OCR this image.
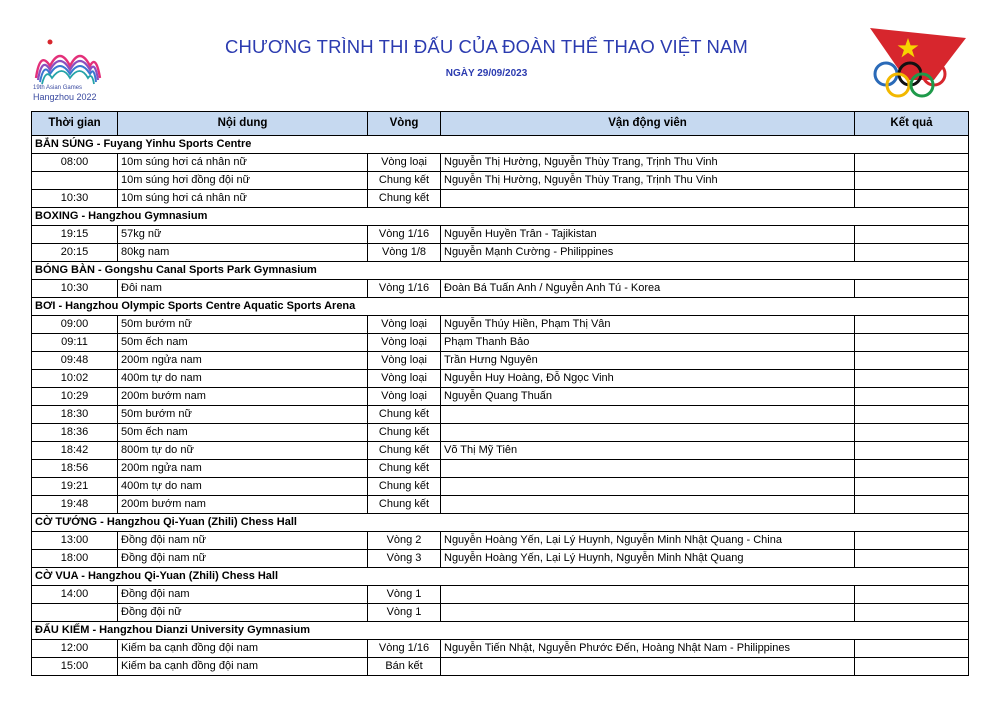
19th Asian Games
Hangzhou 2022
CHƯƠNG TRÌNH THI ĐẤU CỦA ĐOÀN THỂ THAO VIỆT NAM
NGÀY 29/09/2023
Thời gian	Nội dung	Vòng	Vận động viên	Kết quả
BẮN SÚNG - Fuyang Yinhu Sports Centre				
08:00	10m súng hơi cá nhân nữ	Vòng loại	Nguyễn Thị Hường, Nguyễn Thùy Trang, Trịnh Thu Vinh	
	10m súng hơi đồng đội nữ	Chung kết	Nguyễn Thị Hường, Nguyễn Thùy Trang, Trịnh Thu Vinh	
10:30	10m súng hơi cá nhân nữ	Chung kết		
BOXING - Hangzhou Gymnasium				
19:15	57kg nữ	Vòng 1/16	Nguyễn Huyền Trân - Tajikistan	
20:15	80kg nam	Vòng 1/8	Nguyễn Mạnh Cường - Philippines	
BÓNG BÀN - Gongshu Canal Sports Park Gymnasium				
10:30	Đôi nam	Vòng 1/16	Đoàn Bá Tuấn Anh / Nguyễn Anh Tú - Korea	
BƠI - Hangzhou Olympic Sports Centre Aquatic Sports Arena				
09:00	50m bướm nữ	Vòng loại	Nguyễn Thúy Hiền, Phạm Thị Vân	
09:11	50m ếch nam	Vòng loại	Phạm Thanh Bảo	
09:48	200m ngửa nam	Vòng loại	Trần Hưng Nguyên	
10:02	400m tự do nam	Vòng loại	Nguyễn Huy Hoàng, Đỗ Ngọc Vinh	
10:29	200m bướm nam	Vòng loại	Nguyễn Quang Thuấn	
18:30	50m bướm nữ	Chung kết		
18:36	50m ếch nam	Chung kết		
18:42	800m tự do nữ	Chung kết	Võ Thị Mỹ Tiên	
18:56	200m ngửa nam	Chung kết		
19:21	400m tự do nam	Chung kết		
19:48	200m bướm nam	Chung kết		
CỜ TƯỚNG - Hangzhou Qi-Yuan (Zhili) Chess Hall				
13:00	Đồng đội nam nữ	Vòng 2	Nguyễn Hoàng Yến, Lại Lý Huynh, Nguyễn Minh Nhật Quang - China	
18:00	Đồng đội nam nữ	Vòng 3	Nguyễn Hoàng Yến, Lại Lý Huynh, Nguyễn Minh Nhật Quang	
CỜ VUA - Hangzhou Qi-Yuan (Zhili) Chess Hall				
14:00	Đồng đội nam	Vòng 1		
	Đồng đội nữ	Vòng 1		
ĐẤU KIẾM - Hangzhou Dianzi University Gymnasium				
12:00	Kiếm ba cạnh đồng đội nam	Vòng 1/16	Nguyễn Tiến Nhật, Nguyễn Phước Đến, Hoàng Nhật Nam - Philippines	
15:00	Kiếm ba cạnh đồng đội nam	Bán kết		
